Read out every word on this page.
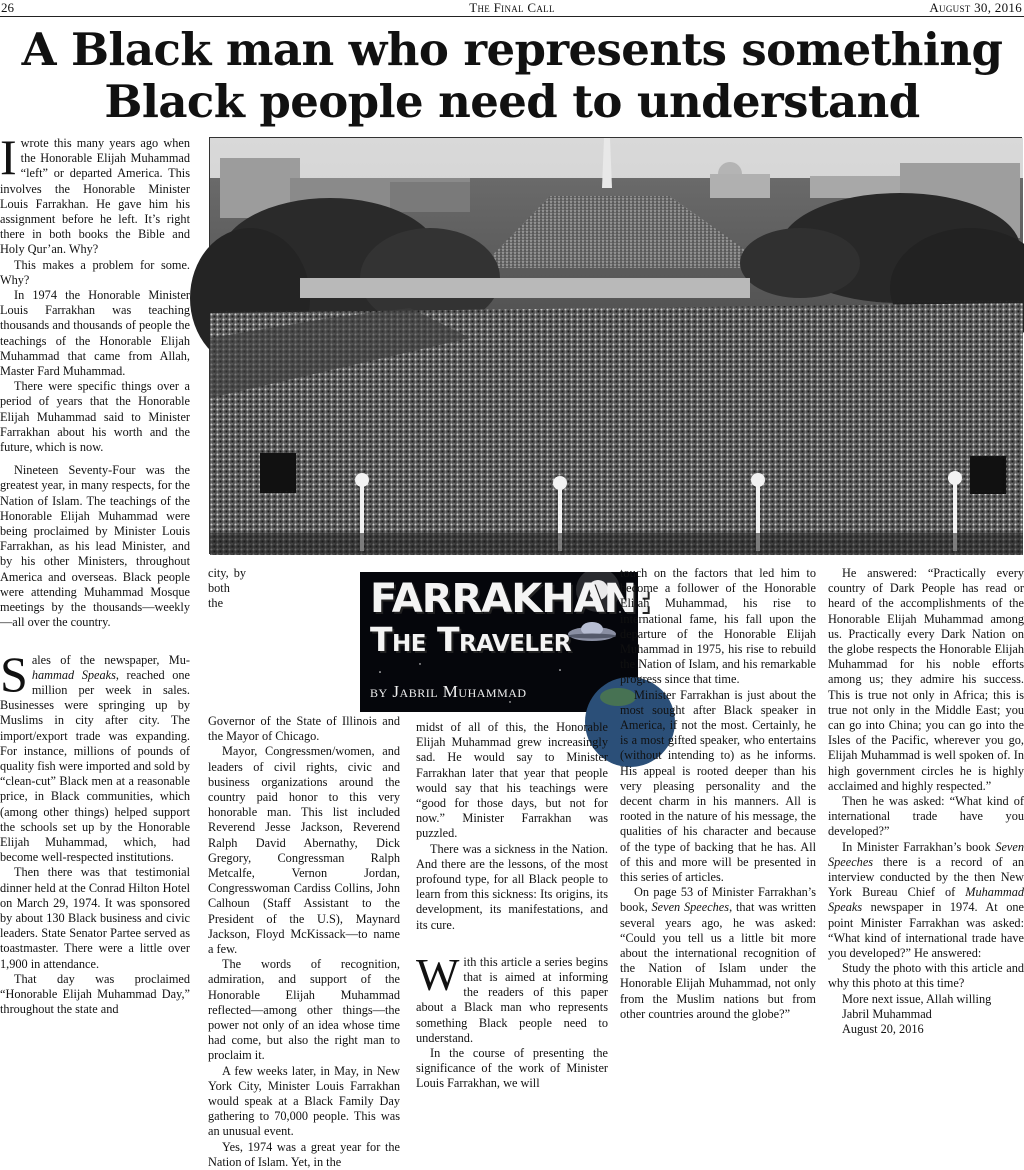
26	The Final Call	August 30, 2016
A Black man who represents something
Black people need to understand

Iwrote this many years ago when the Honorable Elijah Muhammad “left” or departed America. This involves the Honorable Minister Louis Farrakhan. He gave him his assignment before he left. It’s right there in both books the Bible and Holy Qur’an. Why?

This makes a problem for some. Why?

In 1974 the Honorable Minister Louis Farrakhan was teaching thousands and thousands of people the teachings of the Honorable Elijah Muhammad that came from Allah, Master Fard Muhammad.

There were specific things over a period of years that the Honorable Elijah Muhammad said to Minister Farrakhan about his worth and the future, which is now.

Nineteen Seventy-Four was the greatest year, in many respects, for the Nation of Islam. The teachings of the Honorable Elijah Muhammad were being proclaimed by Minister Louis Farrakhan, as his lead Minister, and by his other Ministers, throughout America and overseas. Black people were attending Muhammad Mosque meetings by the thousands—weekly—all over the country.

Sales of the newspaper, Mu-hammad Speaks, reached one million per week in sales. Businesses were springing up by Muslims in city after city. The import/export trade was expanding. For instance, millions of pounds of quality fish were imported and sold by “clean-cut” Black men at a reasonable price, in Black communities, which (among other things) helped support the schools set up by the Honorable Elijah Muhammad, which, had become well-respected institutions.

Then there was that testimonial dinner held at the Conrad Hilton Hotel on March 29, 1974. It was sponsored by about 130 Black business and civic leaders. State Senator Partee served as toastmaster. There were a little over 1,900 in attendance.

That day was proclaimed “Honorable Elijah Muhammad Day,” throughout the state and

FARRAKHAN:
The Traveler
by Jabril Muhammad

city, by both the Governor of the State of Illinois and the Mayor of Chicago.

Mayor, Congressmen/women, and leaders of civil rights, civic and business organizations around the country paid honor to this very honorable man. This list included Reverend Jesse Jackson, Reverend Ralph David Abernathy, Dick Gregory, Congressman Ralph Metcalfe, Vernon Jordan, Congresswoman Cardiss Collins, John Calhoun (Staff Assistant to the President of the U.S), Maynard Jackson, Floyd McKissack—to name a few.

The words of recognition, admiration, and support of the Honorable Elijah Muhammad reflected—among other things—the power not only of an idea whose time had come, but also the right man to proclaim it.

A few weeks later, in May, in New York City, Minister Louis Farrakhan would speak at a Black Family Day gathering to 70,000 people. This was an unusual event.

Yes, 1974 was a great year for the Nation of Islam. Yet, in the

midst of all of this, the Honorable Elijah Muhammad grew increasingly sad. He would say to Minister Farrakhan later that year that people would say that his teachings were “good for those days, but not for now.” Minister Farrakhan was puzzled.

There was a sickness in the Nation. And there are the lessons, of the most profound type, for all Black people to learn from this sickness: Its origins, its development, its manifestations, and its cure.

With this article a series begins that is aimed at informing the readers of this paper about a Black man who represents something Black people need to understand.

In the course of presenting the significance of the work of Minister Louis Farrakhan, we will

touch on the factors that led him to become a follower of the Honorable Elijah Muhammad, his rise to international fame, his fall upon the departure of the Honorable Elijah Muhammad in 1975, his rise to rebuild the Nation of Islam, and his remarkable progress since that time.

Minister Farrakhan is just about the most sought after Black speaker in America, if not the most. Certainly, he is a most gifted speaker, who entertains (without intending to) as he informs. His appeal is rooted deeper than his very pleasing personality and the decent charm in his manners. All is rooted in the nature of his message, the qualities of his character and because of the type of backing that he has. All of this and more will be presented in this series of articles.

On page 53 of Minister Farrakhan’s book, Seven Speeches, that was written several years ago, he was asked: “Could you tell us a little bit more about the international recognition of the Nation of Islam under the Honorable Elijah Muhammad, not only from the Muslim nations but from other countries around the globe?”

He answered: “Practically every country of Dark People has read or heard of the accomplishments of the Honorable Elijah Muhammad among us. Practically every Dark Nation on the globe respects the Honorable Elijah Muhammad for his noble efforts among us; they admire his success. This is true not only in Africa; this is true not only in the Middle East; you can go into China; you can go into the Isles of the Pacific, wherever you go, Elijah Muhammad is well spoken of. In high government circles he is highly acclaimed and highly respected.”

Then he was asked: “What kind of international trade have you developed?”

In Minister Farrakhan’s book Seven Speeches there is a record of an interview conducted by the then New York Bureau Chief of Muhammad Speaks newspaper in 1974. At one point Minister Farrakhan was asked: “What kind of international trade have you developed?” He answered:

Study the photo with this article and why this photo at this time?

More next issue, Allah willing

Jabril Muhammad

August 20, 2016
